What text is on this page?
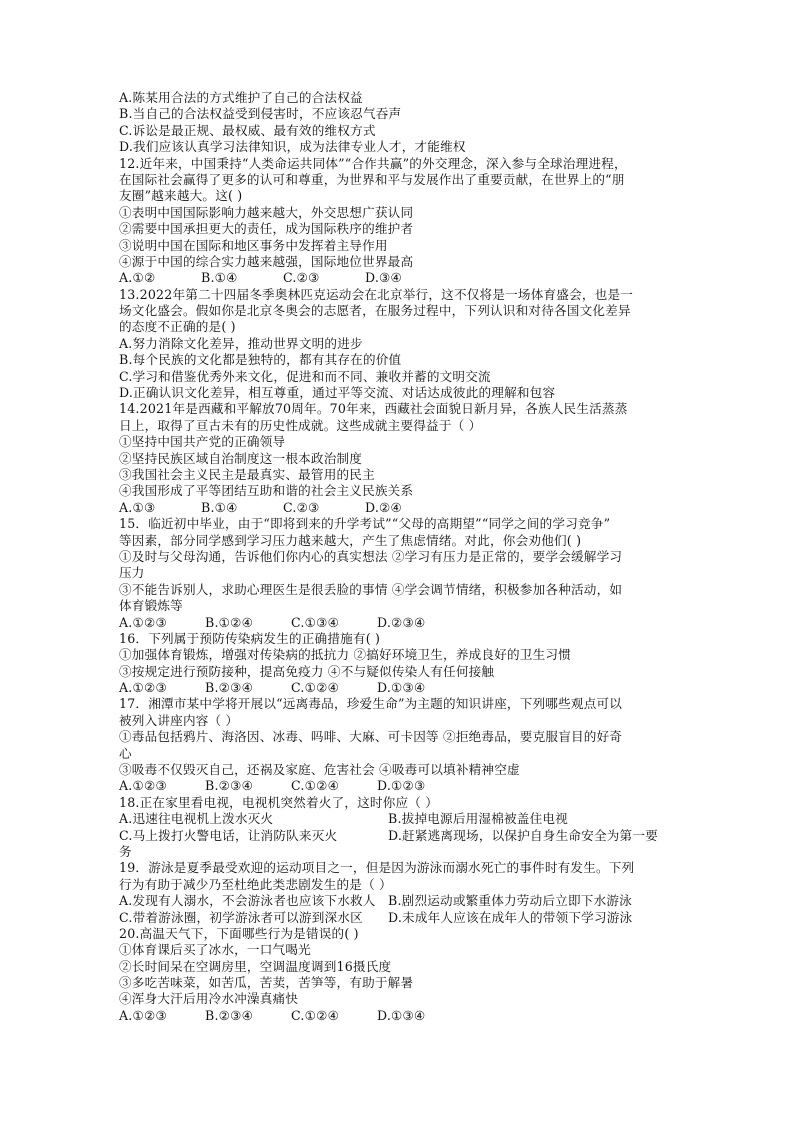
A.陈某用合法的方式维护了自己的合法权益
B.当自己的合法权益受到侵害时，不应该忍气吞声
C.诉讼是最正规、最权威、最有效的维权方式
D.我们应该认真学习法律知识，成为法律专业人才，才能维权
12.近年来，中国秉持“人类命运共同体”“合作共赢”的外交理念，深入参与全球治理进程，
在国际社会赢得了更多的认可和尊重，为世界和平与发展作出了重要贡献，在世界上的“朋
友圈”越来越大。这( )
①表明中国国际影响力越来越大，外交思想广获认同
②需要中国承担更大的责任，成为国际秩序的维护者
③说明中国在国际和地区事务中发挥着主导作用
④源于中国的综合实力越来越强，国际地位世界最高
A.①②	B.①④	C.②③	D.③④
13.2022年第二十四届冬季奥林匹克运动会在北京举行，这不仅将是一场体育盛会，也是一
场文化盛会。假如你是北京冬奥会的志愿者，在服务过程中，下列认识和对待各国文化差异
的态度不正确的是( )
A.努力消除文化差异，推动世界文明的进步
B.每个民族的文化都是独特的，都有其存在的价值
C.学习和借鉴优秀外来文化，促进和而不同、兼收并蓄的文明交流
D.正确认识文化差异，相互尊重，通过平等交流、对话达成彼此的理解和包容
14.2021年是西藏和平解放70周年。70年来，西藏社会面貌日新月异，各族人民生活蒸蒸
日上，取得了亘古未有的历史性成就。这些成就主要得益于（ ）
①坚持中国共产党的正确领导
②坚持民族区域自治制度这一根本政治制度
③我国社会主义民主是最真实、最管用的民主
④我国形成了平等团结互助和谐的社会主义民族关系
A.①③	B.①④	C.②③	D.②④
15．临近初中毕业，由于“即将到来的升学考试”“父母的高期望”“同学之间的学习竞争”
等因素，部分同学感到学习压力越来越大，产生了焦虑情绪。对此，你会劝他们( )
①及时与父母沟通，告诉他们你内心的真实想法 ②学习有压力是正常的，要学会缓解学习
压力
③不能告诉别人，求助心理医生是很丢脸的事情 ④学会调节情绪，积极参加各种活动，如
体育锻炼等
A.①②③	B.①②④	C.①③④	D.②③④
16．下列属于预防传染病发生的正确措施有( )
①加强体育锻炼，增强对传染病的抵抗力 ②搞好环境卫生，养成良好的卫生习惯
③按规定进行预防接种，提高免疫力 ④不与疑似传染人有任何接触
A.①②③	B.②③④	C.①②④	D.①③④
17．湘潭市某中学将开展以“远离毒品，珍爱生命”为主题的知识讲座，下列哪些观点可以
被列入讲座内容（ ）
①毒品包括鸦片、海洛因、冰毒、吗啡、大麻、可卡因等 ②拒绝毒品，要克服盲目的好奇
心
③吸毒不仅毁灭自己，还祸及家庭、危害社会 ④吸毒可以填补精神空虚
A.①②③	B.②③④	C.①②④	D.①②③
18.正在家里看电视，电视机突然着火了，这时你应（ ）
A.迅速往电视机上泼水灭火	B.拔掉电源后用湿棉被盖住电视
C.马上拨打火警电话，让消防队来灭火	D.赶紧逃离现场，以保护自身生命安全为第一要
务
19．游泳是夏季最受欢迎的运动项目之一，但是因为游泳而溺水死亡的事件时有发生。下列
行为有助于减少乃至杜绝此类悲剧发生的是（ ）
A.发现有人溺水，不会游泳者也应该下水救人 B.剧烈运动或繁重体力劳动后立即下水游泳
C.带着游泳圈，初学游泳者可以游到深水区	D.未成年人应该在成年人的带领下学习游泳
20.高温天气下，下面哪些行为是错误的( )
①体育课后买了冰水，一口气喝光
②长时间呆在空调房里，空调温度调到16摄氏度
③多吃苦味菜，如苦瓜，苦荬，苦笋等，有助于解暑
④浑身大汗后用冷水冲澡真痛快
A.①②③	B.②③④	C.①②④	D.①③④
